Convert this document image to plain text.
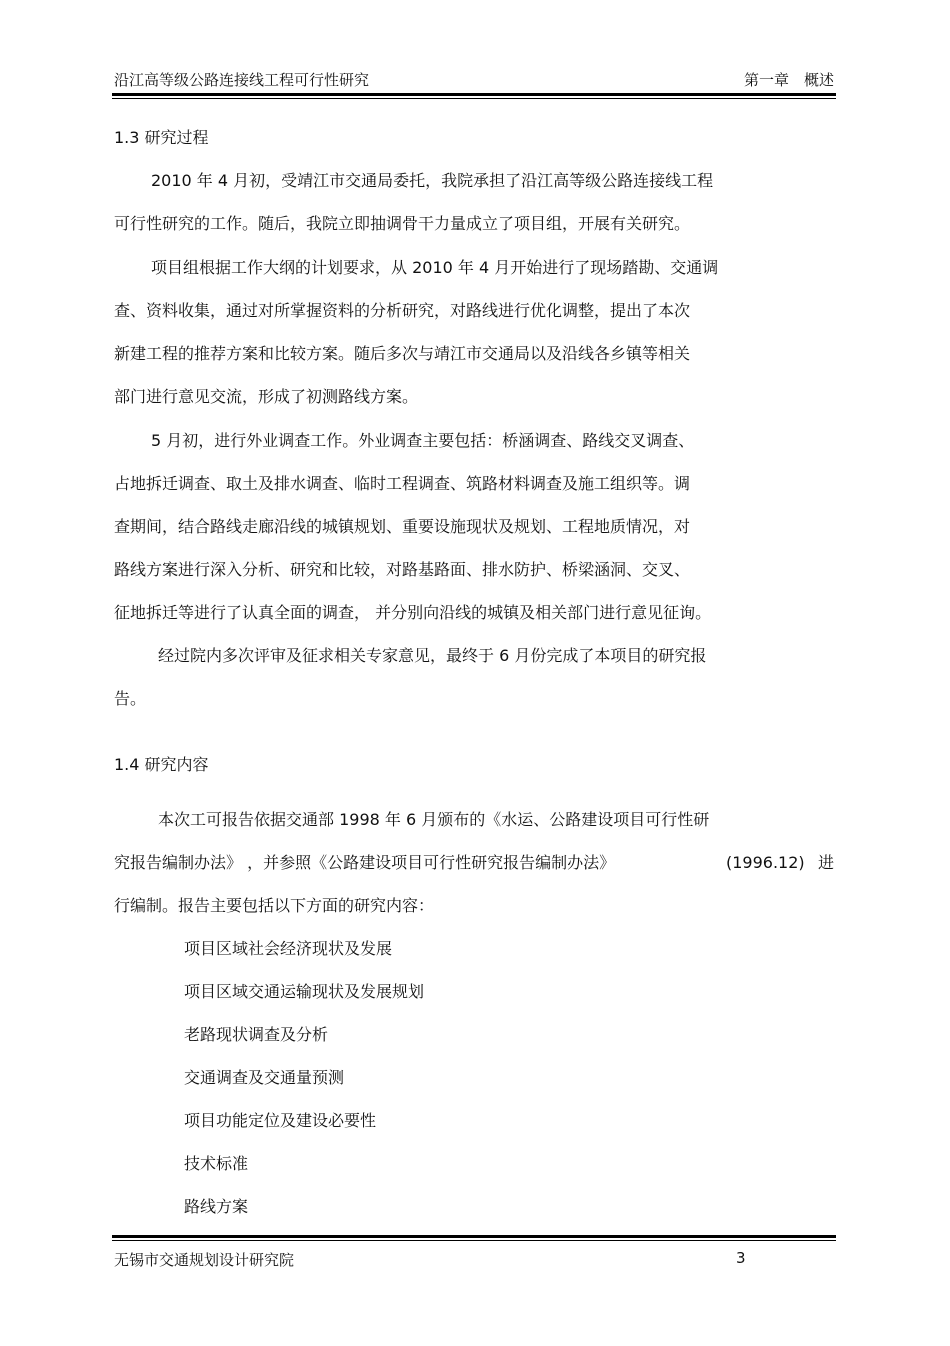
沿江高等级公路连接线工程可行性研究	第一章　概述
1.3 研究过程
2010 年 4 月初，受靖江市交通局委托，我院承担了沿江高等级公路连接线工程
可行性研究的工作。随后，我院立即抽调骨干力量成立了项目组，开展有关研究。
项目组根据工作大纲的计划要求，从 2010 年 4 月开始进行了现场踏勘、交通调
查、资料收集，通过对所掌握资料的分析研究，对路线进行优化调整，提出了本次
新建工程的推荐方案和比较方案。随后多次与靖江市交通局以及沿线各乡镇等相关
部门进行意见交流，形成了初测路线方案。
5 月初，进行外业调查工作。外业调查主要包括：桥涵调查、路线交叉调查、
占地拆迁调查、取土及排水调查、临时工程调查、筑路材料调查及施工组织等。调
查期间，结合路线走廊沿线的城镇规划、重要设施现状及规划、工程地质情况，对
路线方案进行深入分析、研究和比较，对路基路面、排水防护、桥梁涵洞、交叉、
征地拆迁等进行了认真全面的调查， 并分别向沿线的城镇及相关部门进行意见征询。
经过院内多次评审及征求相关专家意见，最终于 6 月份完成了本项目的研究报
告。
1.4 研究内容
本次工可报告依据交通部 1998 年 6 月颁布的《水运、公路建设项目可行性研
究报告编制办法》 ，并参照《公路建设项目可行性研究报告编制办法》	(1996.12) 进
行编制。报告主要包括以下方面的研究内容：
项目区域社会经济现状及发展
项目区域交通运输现状及发展规划
老路现状调查及分析
交通调查及交通量预测
项目功能定位及建设必要性
技术标准
路线方案
无锡市交通规划设计研究院	3
